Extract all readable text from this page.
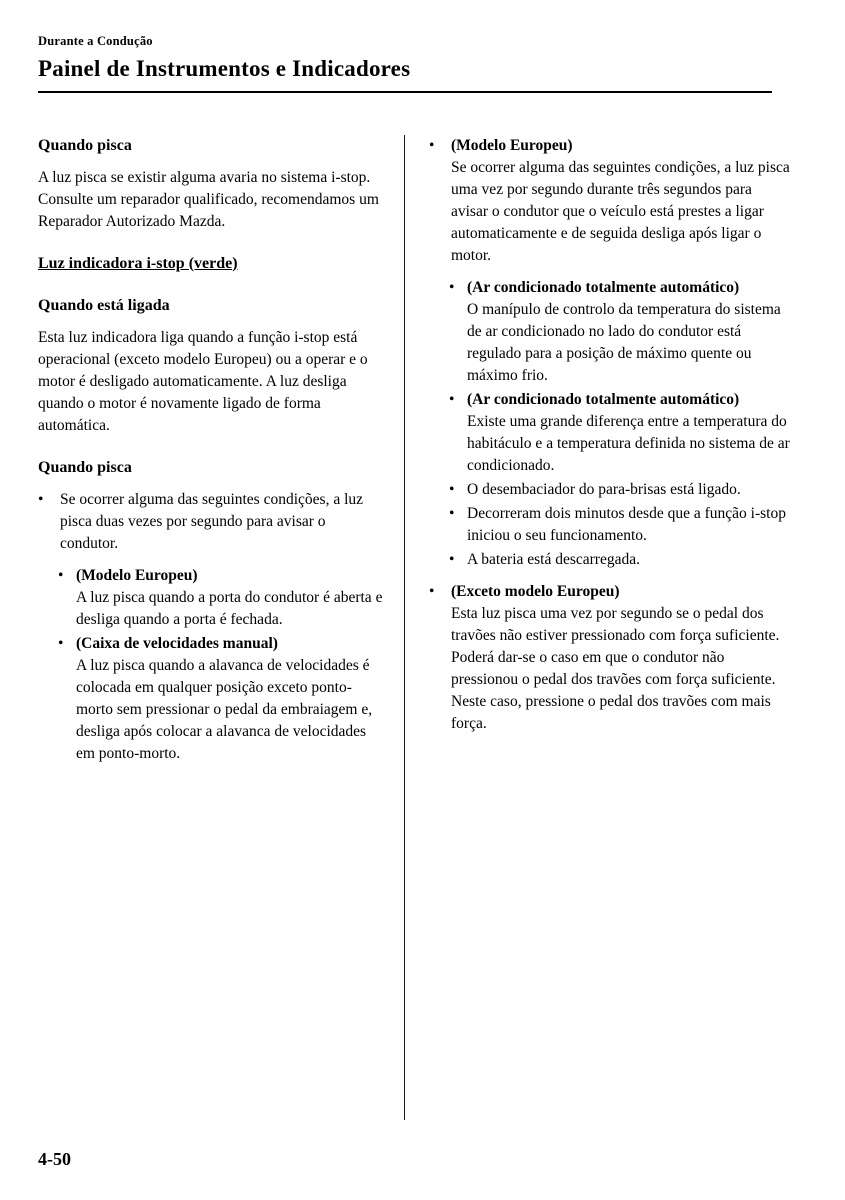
Durante a Condução
Painel de Instrumentos e Indicadores
Quando pisca

A luz pisca se existir alguma avaria no sistema i-stop. Consulte um reparador qualificado, recomendamos um Reparador Autorizado Mazda.

Luz indicadora i-stop (verde)
Quando está ligada

Esta luz indicadora liga quando a função i-stop está operacional (exceto modelo Europeu) ou a operar e o motor é desligado automaticamente. A luz desliga quando o motor é novamente ligado de forma automática.

Quando pisca
•
Se ocorrer alguma das seguintes condições, a luz pisca duas vezes por segundo para avisar o condutor.
•
(Modelo Europeu)
A luz pisca quando a porta do condutor é aberta e desliga quando a porta é fechada.
•
(Caixa de velocidades manual)
A luz pisca quando a alavanca de velocidades é colocada em qualquer posição exceto ponto-morto sem pressionar o pedal da embraiagem e, desliga após colocar a alavanca de velocidades em ponto-morto.
•
(Modelo Europeu)
Se ocorrer alguma das seguintes condições, a luz pisca uma vez por segundo durante três segundos para avisar o condutor que o veículo está prestes a ligar automaticamente e de seguida desliga após ligar o motor.
•
(Ar condicionado totalmente automático)
O manípulo de controlo da temperatura do sistema de ar condicionado no lado do condutor está regulado para a posição de máximo quente ou máximo frio.
•
(Ar condicionado totalmente automático)
Existe uma grande diferença entre a temperatura do habitáculo e a temperatura definida no sistema de ar condicionado.
•
O desembaciador do para-brisas está ligado.
•
Decorreram dois minutos desde que a função i-stop iniciou o seu funcionamento.
•
A bateria está descarregada.
•
(Exceto modelo Europeu)
Esta luz pisca uma vez por segundo se o pedal dos travões não estiver pressionado com força suficiente. Poderá dar-se o caso em que o condutor não pressionou o pedal dos travões com força suficiente. Neste caso, pressione o pedal dos travões com mais força.
4-50
